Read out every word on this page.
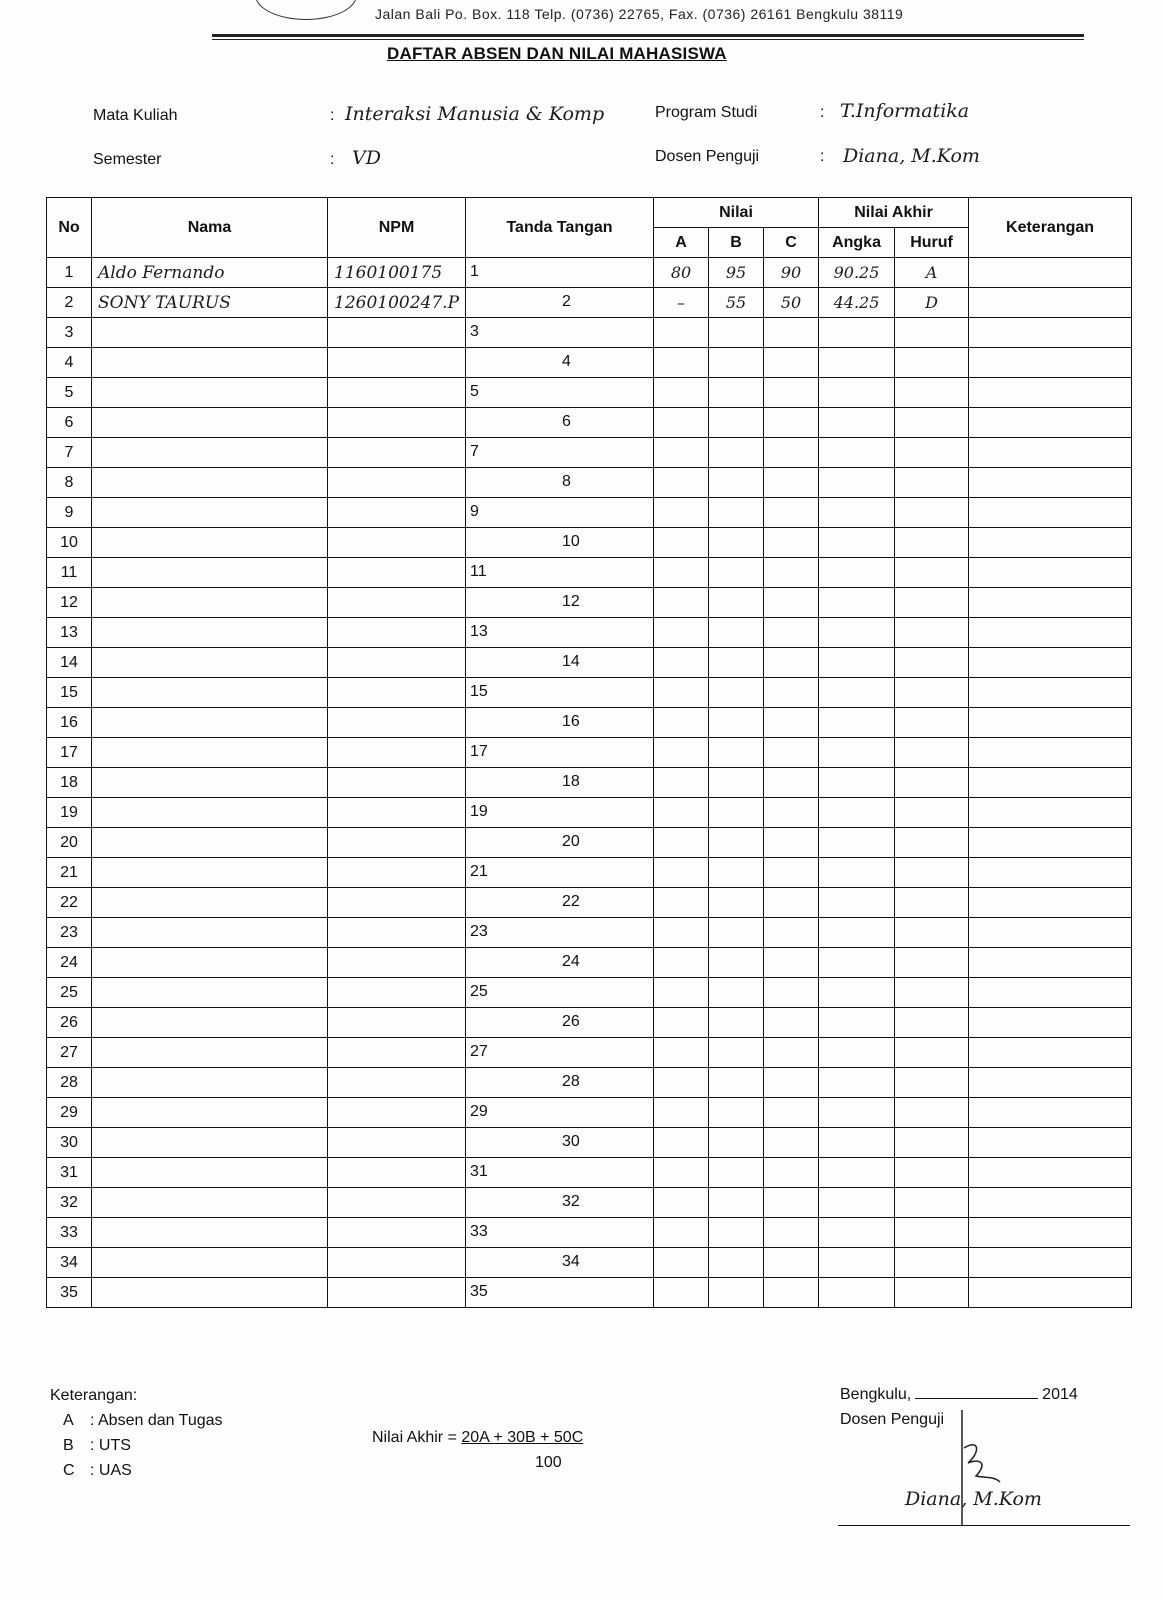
Jalan Bali Po. Box. 118 Telp. (0736) 22765, Fax. (0736) 26161 Bengkulu 38119
DAFTAR ABSEN DAN NILAI MAHASISWA
Mata Kuliah	: Interaksi Manusia & Komp
Semester	: VD
Program Studi	: T.Informatika
Dosen Penguji	: Diana, M.Kom
No	Nama	NPM	Tanda Tangan	Nilai			Nilai Akhir		Keterangan
				A	B	C	Angka	Huruf	
1	Aldo Fernando	1160100175	1	80	95	90	90.25	A	
2	SONY TAURUS	1260100247.P	2	–	55	50	44.25	D	
3			3						

4			4						

5			5						

6			6						

7			7						

8			8						

9			9						

10			10						

11			11						

12			12						

13			13						

14			14						

15			15						

16			16						

17			17						

18			18						

19			19						

20			20						

21			21						

22			22						

23			23						

24			24						

25			25						

26			26						

27			27						

28			28						

29			29						

30			30						

31			31						

32			32						

33			33						

34			34						

35			35						

Keterangan:
A	: Absen dan Tugas
B	: UTS
C : UAS
Nilai Akhir = 20A + 30B + 50C
100
Bengkulu,	2014
Dosen Penguji
Diana, M.Kom
